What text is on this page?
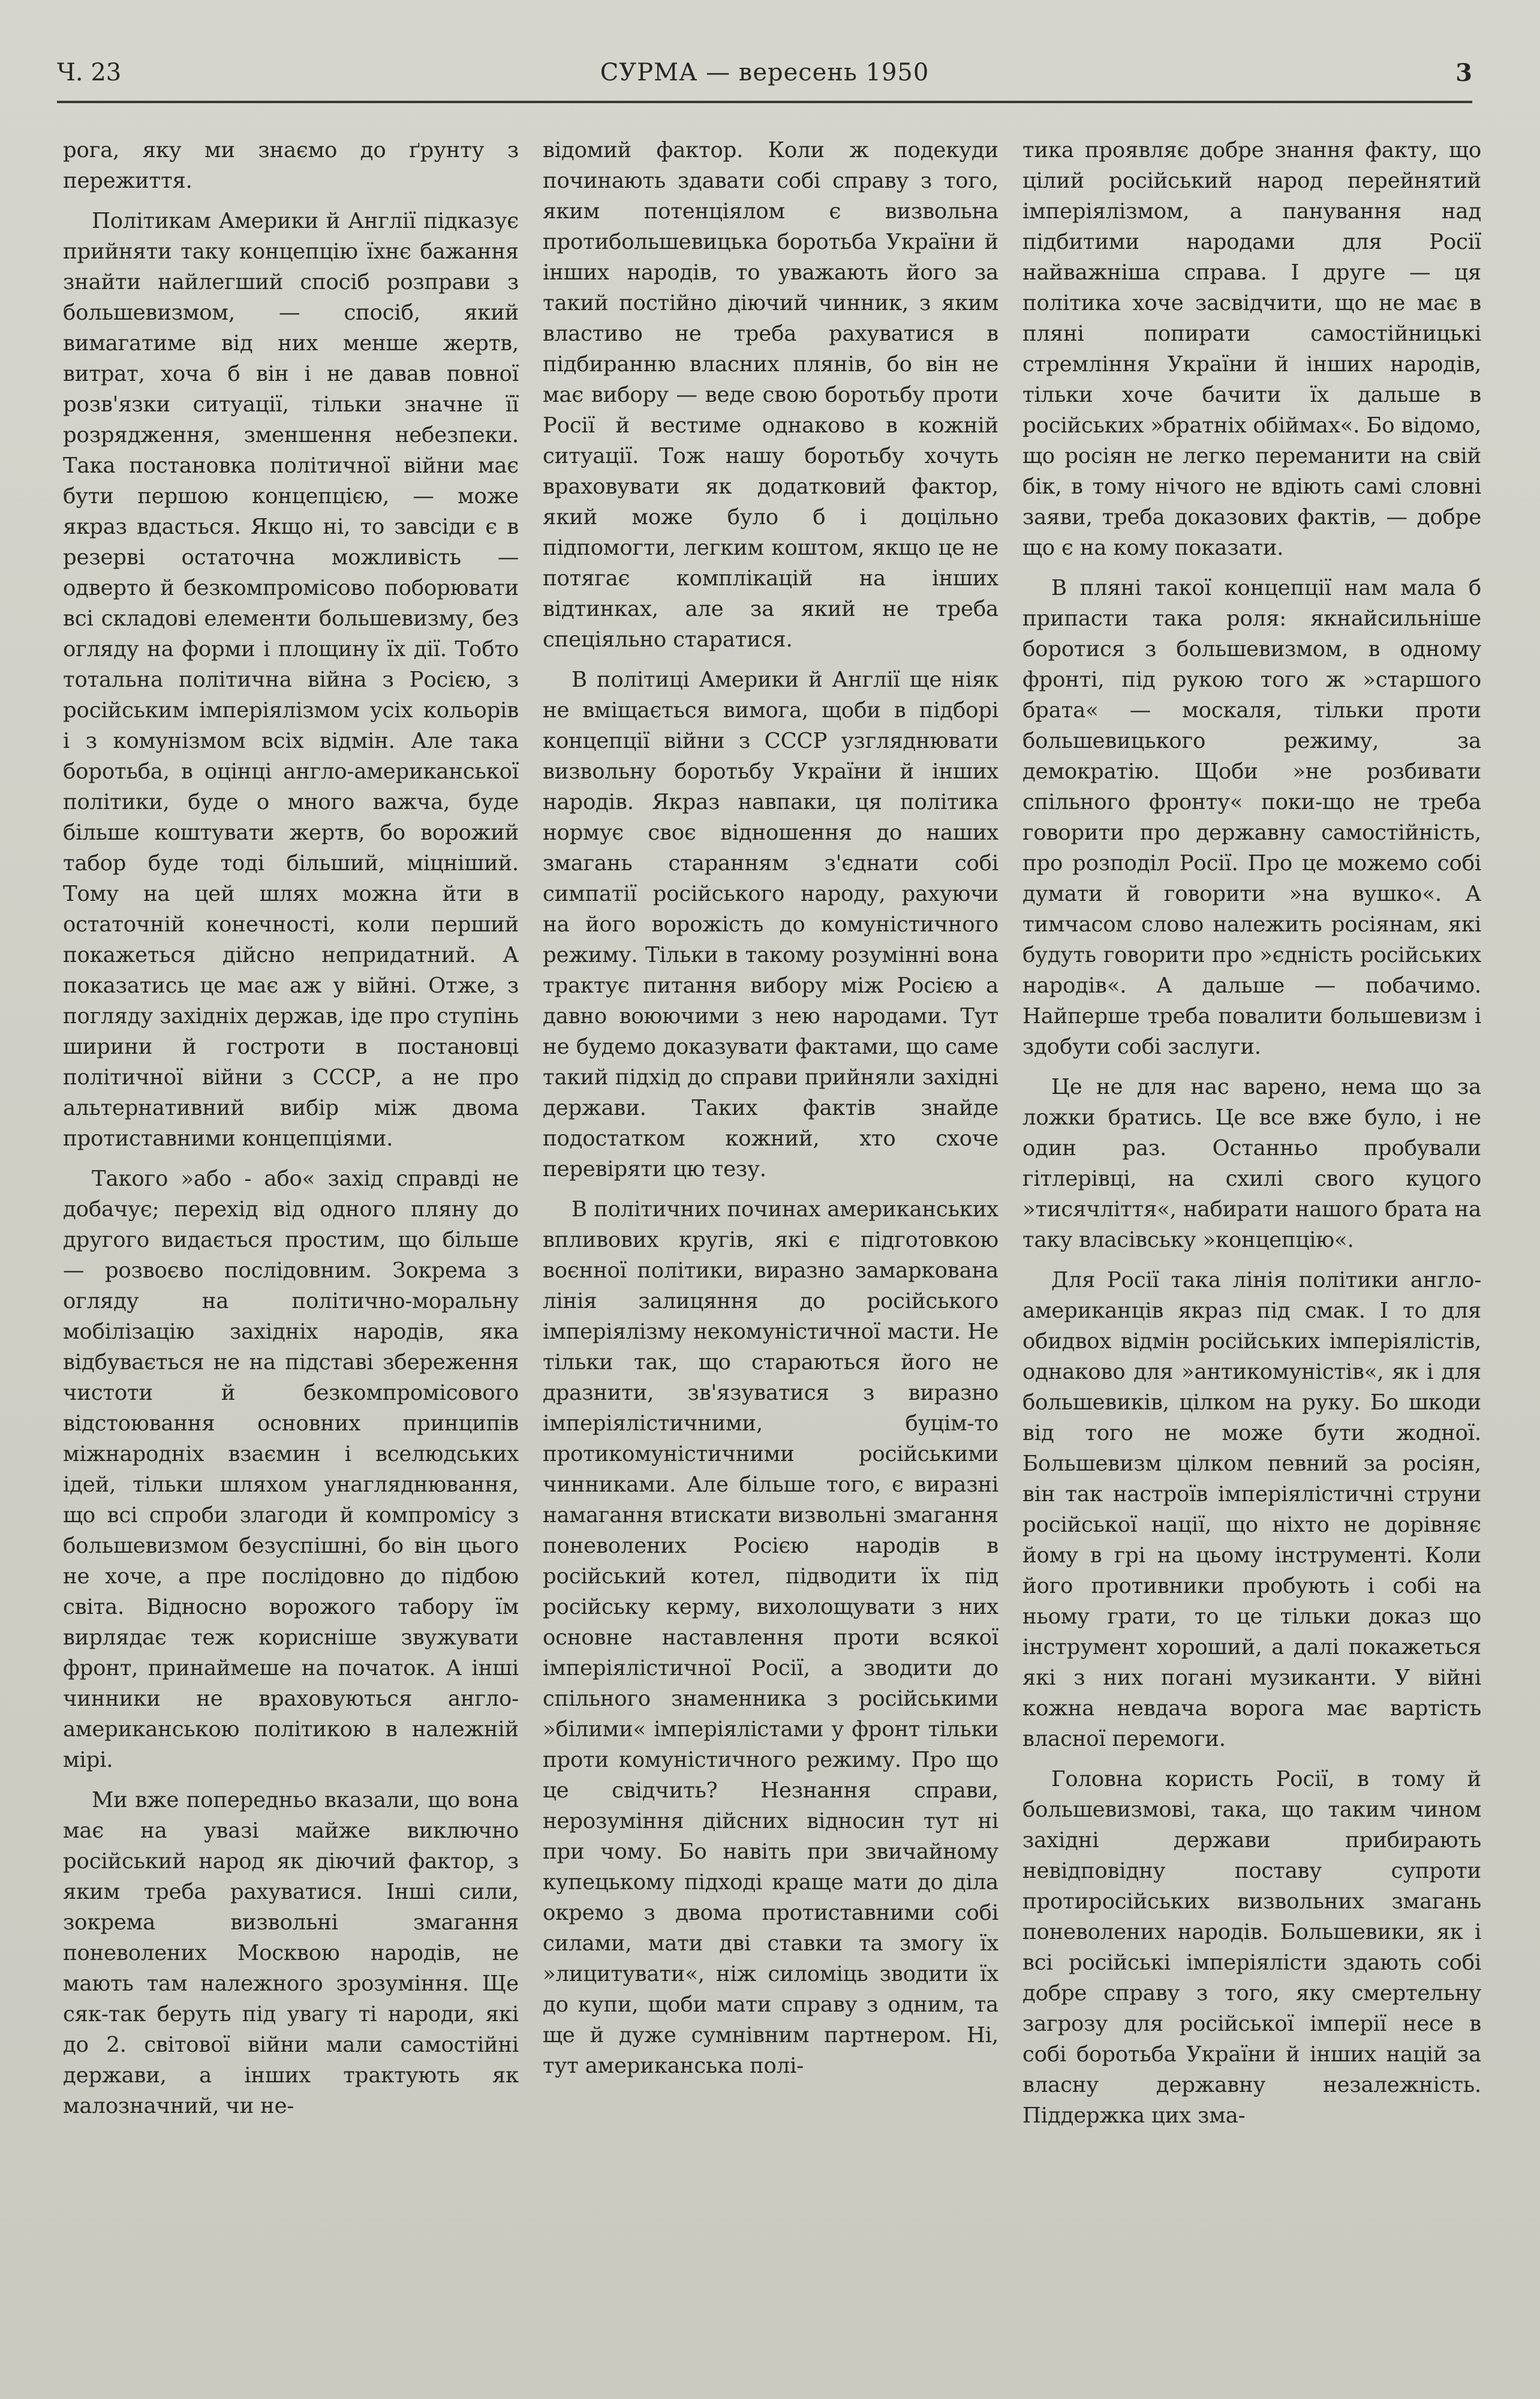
СУРМА — вересень 1950
Ч. 23	3

рога, яку ми знаємо до ґрунту з пережиття.

Політикам Америки й Англії підказує прийняти таку концепцію їхнє бажання знайти найлегший спосіб розправи з большевизмом, — спосіб, який вимагатиме від них менше жертв, витрат, хоча б він і не давав повної розв'язки ситуації, тільки значне її розрядження, зменшення небезпеки. Така постановка політичної війни має бути першою концепцією, — може якраз вдасться. Якщо ні, то завсіди є в резерві остаточна можливість — одверто й безкомпромісово поборювати всі складові елементи большевизму, без огляду на форми і площину їх дії. Тобто тотальна політична війна з Росією, з російським імперіялізмом усіх кольорів і з комунізмом всіх відмін. Але така боротьба, в оцінці англо-американської політики, буде о много важча, буде більше коштувати жертв, бо ворожий табор буде тоді більший, міцніший. Тому на цей шлях можна йти в остаточній конечності, коли перший покажеться дійсно непридатний. А показатись це має аж у війні. Отже, з погляду західніх держав, іде про ступінь ширини й гостроти в постановці політичної війни з СССР, а не про альтернативний вибір між двома протиставними концепціями.

Такого »або - або« захід справді не добачує; перехід від одного пляну до другого видається простим, що більше — розвоєво послідовним. Зокрема з огляду на політично-моральну мобілізацію західніх народів, яка відбувається не на підставі збереження чистоти й безкомпромісового відстоювання основних принципів міжнародніх взаємин і вселюдських ідей, тільки шляхом унагляднювання, що всі спроби злагоди й компромісу з большевизмом безуспішні, бо він цього не хоче, а пре послідовно до підбою світа. Відносно ворожого табору їм вирлядає теж корисніше звужувати фронт, принаймеше на початок. А інші чинники не враховуються англо-американською політикою в належній мірі.

Ми вже попередньо вказали, що вона має на увазі майже виключно російський народ як діючий фактор, з яким треба рахуватися. Інші сили, зокрема визвольні змагання поневолених Москвою народів, не мають там належного зрозуміння. Ще сяк-так беруть під увагу ті народи, які до 2. світової війни мали самостійні держави, а інших трактують як малозначний, чи не-

відомий фактор. Коли ж подекуди починають здавати собі справу з того, яким потенціялом є визвольна протибольшевицька боротьба України й інших народів, то уважають його за такий постійно діючий чинник, з яким властиво не треба рахуватися в підбиранню власних плянів, бо він не має вибору — веде свою боротьбу проти Росії й вестиме однаково в кожній ситуації. Тож нашу боротьбу хочуть враховувати як додатковий фактор, який може було б і доцільно підпомогти, легким коштом, якщо це не потягає комплікацій на інших відтинках, але за який не треба спеціяльно старатися.

В політиці Америки й Англії ще ніяк не вміщається вимога, щоби в підборі концепції війни з СССР узгляднювати визвольну боротьбу України й інших народів. Якраз навпаки, ця політика нормує своє відношення до наших змагань старанням з'єднати собі симпатії російського народу, рахуючи на його ворожість до комуністичного режиму. Тільки в такому розумінні вона трактує питання вибору між Росією а давно воюючими з нею народами. Тут не будемо доказувати фактами, що саме такий підхід до справи прийняли західні держави. Таких фактів знайде подостатком кожний, хто схоче перевіряти цю тезу.

В політичних починах американських впливових кругів, які є підготовкою воєнної політики, виразно замаркована лінія залицяння до російського імперіялізму некомуністичної масти. Не тільки так, що стараються його не дразнити, зв'язуватися з виразно імперіялістичними, буцім-то протикомуністичними російськими чинниками. Але більше того, є виразні намагання втискати визвольні змагання поневолених Росією народів в російський котел, підводити їх під російську керму, вихолощувати з них основне наставлення проти всякої імперіялістичної Росії, а зводити до спільного знаменника з російськими »білими« імперіялістами у фронт тільки проти комуністичного режиму. Про що це свідчить? Незнання справи, нерозуміння дійсних відносин тут ні при чому. Бо навіть при звичайному купецькому підході краще мати до діла окремо з двома протиставними собі силами, мати дві ставки та змогу їх »лицитувати«, ніж силоміць зводити їх до купи, щоби мати справу з одним, та ще й дуже сумнівним партнером. Ні, тут американська полі-

тика проявляє добре знання факту, що цілий російський народ перейнятий імперіялізмом, а панування над підбитими народами для Росії найважніша справа. І друге — ця політика хоче засвідчити, що не має в пляні попирати самостійницькі стремління України й інших народів, тільки хоче бачити їх дальше в російських »братніх обіймах«. Бо відомо, що росіян не легко переманити на свій бік, в тому нічого не вдіють самі словні заяви, треба доказових фактів, — добре що є на кому показати.

В пляні такої концепції нам мала б припасти така роля: якнайсильніше боротися з большевизмом, в одному фронті, під рукою того ж »старшого брата« — москаля, тільки проти большевицького режиму, за демократію. Щоби »не розбивати спільного фронту« поки-що не треба говорити про державну самостійність, про розподіл Росії. Про це можемо собі думати й говорити »на вушко«. А тимчасом слово належить росіянам, які будуть говорити про »єдність російських народів«. А дальше — побачимо. Найперше треба повалити большевизм і здобути собі заслуги.

Це не для нас варено, нема що за ложки братись. Це все вже було, і не один раз. Останньо пробували гітлерівці, на схилі свого куцого »тисячліття«, набирати нашого брата на таку власівську »концепцію«.

Для Росії така лінія політики англо-американців якраз під смак. І то для обидвох відмін російських імперіялістів, однаково для »антикомуністів«, як і для большевиків, цілком на руку. Бо шкоди від того не може бути жодної. Большевизм цілком певний за росіян, він так настроїв імперіялістичні струни російської нації, що ніхто не дорівняє йому в грі на цьому інструменті. Коли його противники пробують і собі на ньому грати, то це тільки доказ що інструмент хороший, а далі покажеться які з них погані музиканти. У війні кожна невдача ворога має вартість власної перемоги.

Головна користь Росії, в тому й большевизмові, така, що таким чином західні держави прибирають невідповідну поставу супроти протиросійських визвольних змагань поневолених народів. Большевики, як і всі російські імперіялісти здають собі добре справу з того, яку смертельну загрозу для російської імперії несе в собі боротьба України й інших націй за власну державну незалежність. Піддержка цих зма-
